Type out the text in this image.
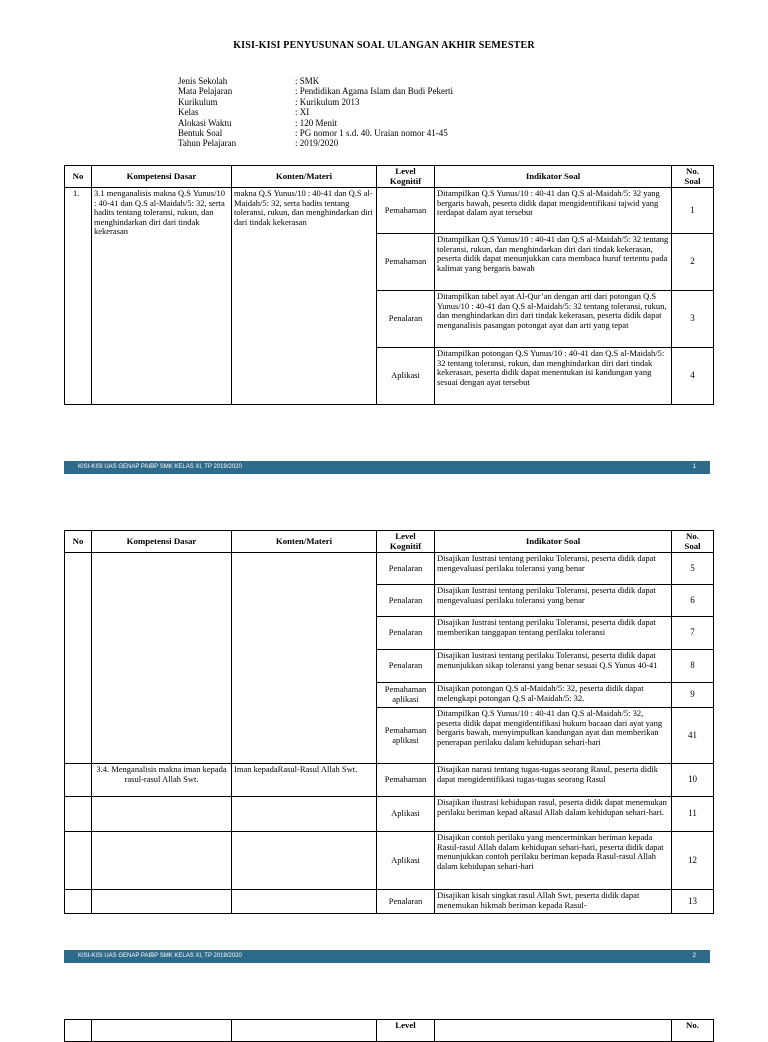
KISI-KISI PENYUSUNAN SOAL ULANGAN AKHIR SEMESTER
Jenis Sekolah	: SMK
Mata Pelajaran	: Pendidikan Agama Islam dan Budi Pekerti
Kurikulum	: Kurikulum 2013
Kelas	: XI
Alokasi Waktu	: 120 Menit
Bentuk Soal	: PG nomor 1 s.d. 40. Uraian nomor 41-45
Tahun Pelajaran	: 2019/2020
No	Kompetensi Dasar	Konten/Materi	Level
Kognitif	Indikator Soal	No.
Soal
1.	3.1 menganalisis makna Q.S Yunus/10 : 40-41 dan Q.S al-Maidah/5: 32, serta hadits tentang toleransi, rukun, dan menghindarkan diri dari tindak kekerasan	makna Q.S Yunus/10 : 40-41 dan Q.S al-Maidah/5: 32, serta hadits tentang toleransi, rukun, dan menghindarkan diri dari tindak kekerasan	Pemahaman	Ditampilkan Q.S Yunus/10 : 40-41 dan Q.S al-Maidah/5: 32 yang bergaris bawah, peserta didik dapat mengidentifikasi tajwid yang terdapat dalam ayat tersebut	1
			Pemahaman	Ditampilkan Q.S Yunus/10 : 40-41 dan Q.S al-Maidah/5: 32 tentang toleransi, rukun, dan menghindarkan diri dari tindak kekerasan, peserta didik dapat menunjukkan cara membaca huruf tertentu pada kalimat yang bergaris bawah	2
			Penalaran	Ditampilkan tabel ayat Al-Qur’an dengan arti dari potongan Q.S Yunus/10 : 40-41 dan Q.S al-Maidah/5: 32 tentang toleransi, rukun, dan menghindarkan diri dari tindak kekerasan, peserta didik dapat menganalisis pasangan potongat ayat dan arti yang tepat	3
			Aplikasi	Ditampilkan potongan Q.S Yunus/10 : 40-41 dan Q.S al-Maidah/5: 32 tentang toleransi, rukun, dan menghindarkan diri dari tindak kekerasan, peserta didik dapat menentukan isi kandungan yang sesuai dengan ayat tersebut	4
KISI-KISI UAS GENAP PAIBP SMK KELAS XI, TP 2019/2020	1
No	Kompetensi Dasar	Konten/Materi	Level
Kognitif	Indikator Soal	No.
Soal
			Penalaran	Disajikan Iustrasi tentang perilaku Toleransi, peserta didik dapat mengevaluasi perilaku toleransi yang benar	5
			Penalaran	Disajikan Iustrasi tentang perilaku Toleransi, peserta didik dapat mengevaluasi perilaku toleransi yang benar	6
			Penalaran	Disajikan Iustrasi tentang perilaku Toleransi, peserta didik dapat memberikan tanggapan tentang perilaku toleransi	7
			Penalaran	Disajikan Iustrasi tentang perilaku Toleransi, peserta didik dapat menunjukkan sikap toleransi yang benar sesuai Q.S Yunus 40-41	8
			Pemahaman aplikasi	Disajikan potongan Q.S al-Maidah/5: 32, peserta didik dapat melengkapi potongan Q.S al-Maidah/5: 32.	9
			Pemahaman aplikasi	Ditampilkan Q.S Yunus/10 : 40-41 dan Q.S al-Maidah/5: 32, peserta didik dapat mengidentifikasi hukum bacaan dari ayat yang bergaris bawah, menyimpulkan kandungan ayat dan memberikan penerapan perilaku dalam kehidupan sehari-hari	41
	3.4. Menganalisis makna iman kepada rasul-rasul Allah Swt.	Iman kepadaRasul-Rasul Allah Swt.	Pemahaman	Disajikan narasi tentang tugas-tugas seorang Rasul, peserta didik dapat mengidentifikasi tugas-tugas seorang Rasul	10
			Aplikasi	Disajikan ilustrasi kehidupan rasul, peserta didik dapat menemukan perilaku beriman kepad aRasul Allah dalam kehidupan sehari-hari.	11
			Aplikasi	Disajikan contoh perilaku yang mencerminkan beriman kepada Rasul-rasul Allah dalam kehidupan sehari-hari, peserta didik dapat menunjukkan contoh perilaku beriman kepada Rasul-rasul Allah dalam kehidupan sehari-hari	12
			Penalaran	Disajikan kisah singkat rasul Allah Swt, peserta didik dapat menemukan hikmah beriman kepada Rasul-	13
KISI-KISI UAS GENAP PAIBP SMK KELAS XI, TP 2019/2020	2
			Level		No.
